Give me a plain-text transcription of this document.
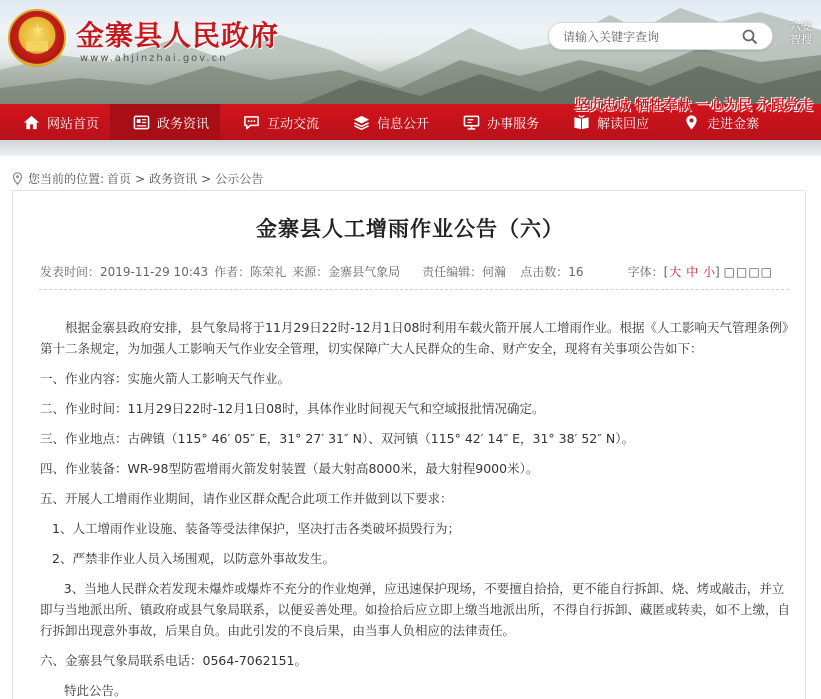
★ 金寨县人民政府
www.ahjinzhai.gov.cn
请输入关键字查询
六安
智搜
网站首页	政务资讯	互动交流	信息公开	办事服务	解读回应	走进金寨
坚贞忠诚 牺牲奉献 一心为民 永跟党走
您当前的位置: 首页 > 政务资讯 > 公示公告
金寨县人工增雨作业公告（六）
发表时间：2019-11-29 10:43 作者：陈荣礼 来源：金寨县气象局 责任编辑：何瀚 点击数：16	字体：[大 中 小] □□□□

根据金寨县政府安排，县气象局将于11月29日22时-12月1日08时利用车载火箭开展人工增雨作业。根据《人工影响天气管理条例》第十二条规定，为加强人工影响天气作业安全管理，切实保障广大人民群众的生命、财产安全，现将有关事项公告如下：

一、作业内容：实施火箭人工影响天气作业。

二、作业时间：11月29日22时-12月1日08时，具体作业时间视天气和空域报批情况确定。

三、作业地点：古碑镇（115° 46′ 05″ E，31° 27′ 31″ N）、双河镇（115° 42′ 14″ E，31° 38′ 52″ N）。

四、作业装备：WR-98型防雹增雨火箭发射装置（最大射高8000米，最大射程9000米）。

五、开展人工增雨作业期间，请作业区群众配合此项工作并做到以下要求：

1、人工增雨作业设施、装备等受法律保护，坚决打击各类破坏损毁行为；

2、严禁非作业人员入场围观，以防意外事故发生。

3、当地人民群众若发现未爆炸或爆炸不充分的作业炮弹，应迅速保护现场，不要擅自拾拾，更不能自行拆卸、烧、烤或敲击，并立即与当地派出所、镇政府或县气象局联系，以便妥善处理。如捡拾后应立即上缴当地派出所，不得自行拆卸、藏匿或转卖，如不上缴，自行拆卸出现意外事故，后果自负。由此引发的不良后果，由当事人负相应的法律责任。

六、金寨县气象局联系电话：0564-7062151。

特此公告。
